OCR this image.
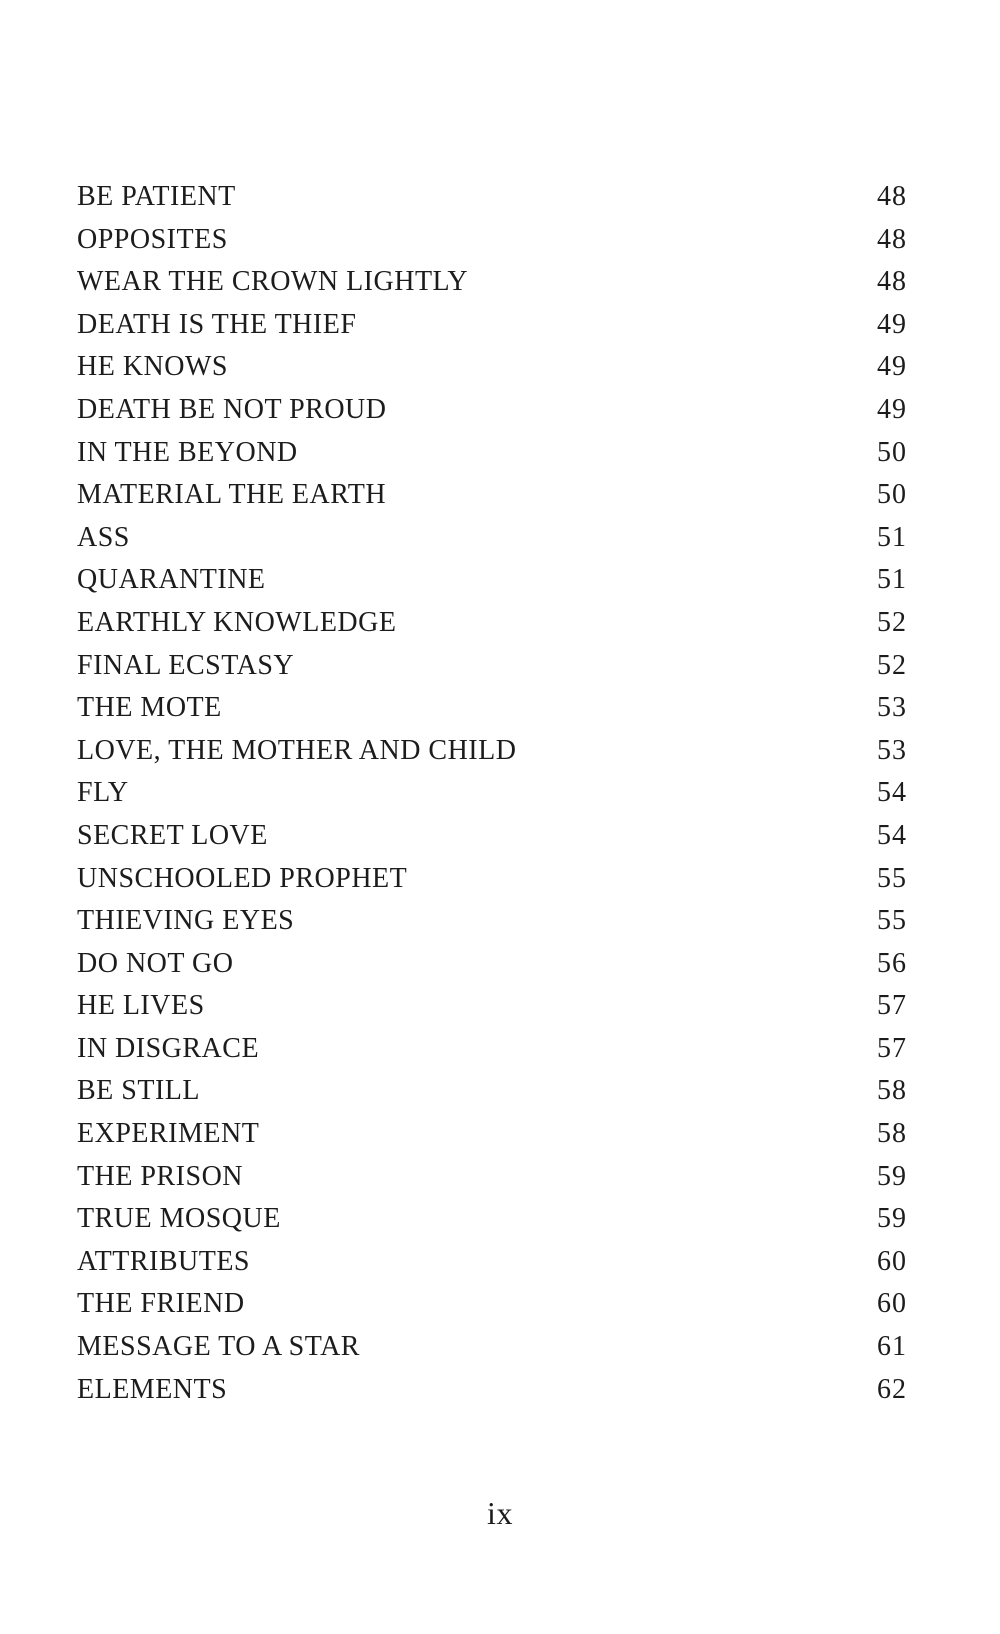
BE PATIENT	48
OPPOSITES	48
WEAR THE CROWN LIGHTLY	48
DEATH IS THE THIEF	49
HE KNOWS	49
DEATH BE NOT PROUD	49
IN THE BEYOND	50
MATERIAL THE EARTH	50
ASS	51
QUARANTINE	51
EARTHLY KNOWLEDGE	52
FINAL ECSTASY	52
THE MOTE	53
LOVE, THE MOTHER AND CHILD	53
FLY	54
SECRET LOVE	54
UNSCHOOLED PROPHET	55
THIEVING EYES	55
DO NOT GO	56
HE LIVES	57
IN DISGRACE	57
BE STILL	58
EXPERIMENT	58
THE PRISON	59
TRUE MOSQUE	59
ATTRIBUTES	60
THE FRIEND	60
MESSAGE TO A STAR	61
ELEMENTS	62
ix
